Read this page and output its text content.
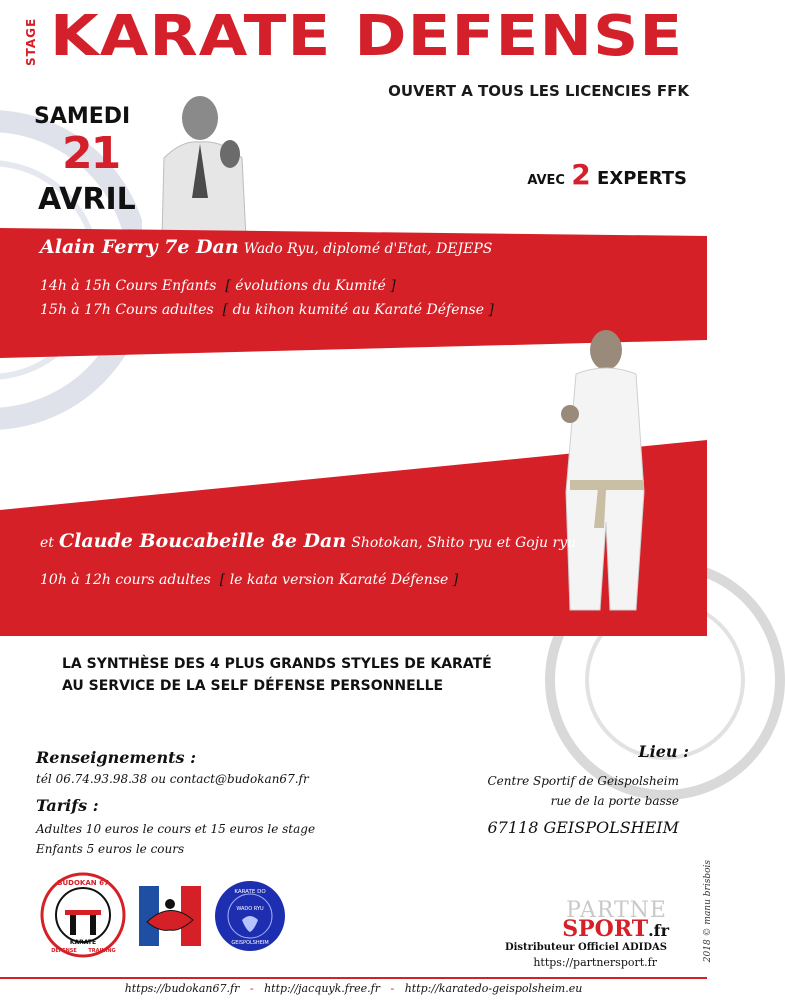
STAGE KARATE DEFENSE
OUVERT A TOUS LES LICENCIES FFK
SAMEDI
21
AVRIL
AVEC 2 EXPERTS
Alain Ferry 7e Dan Wado Ryu, diplomé d'Etat, DEJEPS
14h à 15h Cours Enfants  [ évolutions du Kumité ]
15h à 17h Cours adultes  [ du kihon kumité au Karaté Défense ]
et Claude Boucabeille 8e Dan Shotokan, Shito ryu et Goju ryu
10h à 12h cours adultes  [ le kata version Karaté Défense ]
LA SYNTHÈSE DES 4 PLUS GRANDS STYLES DE KARATÉ
AU SERVICE DE LA SELF DÉFENSE PERSONNELLE
Renseignements :
tél 06.74.93.98.38 ou contact@budokan67.fr
Tarifs :
Adultes 10 euros le cours et 15 euros le stage
Enfants 5 euros le cours
Lieu :
Centre Sportif de Geispolsheim
rue de la porte basse
67118 GEISPOLSHEIM
BUDOKAN 67
KARATE
DEFENSE TRAINING
KARATE DO
WADO RYU
GEISPOLSHEIM
PARTNE
SPORT.fr
Distributeur Officiel ADIDAS
https://partnersport.fr
2018 © manu brisbois
https://budokan67.fr - http://jacquyk.free.fr - http://karatedo-geispolsheim.eu
